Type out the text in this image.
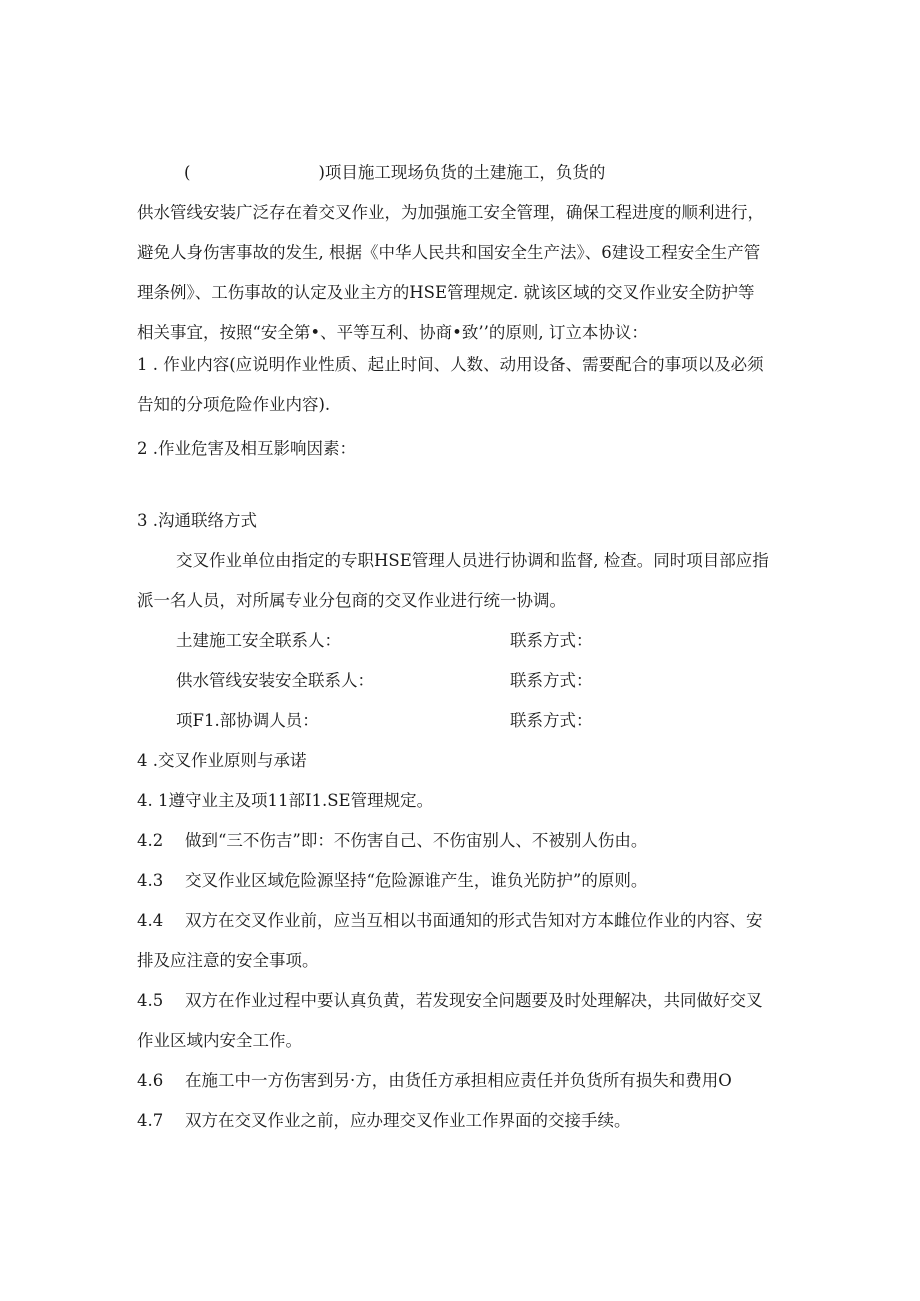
(	)项目施工现场负货的土建施工，负货的
供水管线安装广泛存在着交叉作业，为加强施工安全管理，确保工程进度的顺利进行，
避免人身伤害事故的发生, 根据《中华人民共和国安全生产法》、6建设工程安全生产管
理条例》、工伤事故的认定及业主方的HSE管理规定. 就该区域的交叉作业安全防护等
相关事宜，按照“安全第•、平等互利、协商•致’’的原则, 订立本协议：
1 . 作业内容(应说明作业性质、起止时间、人数、动用设备、需要配合的事项以及必须
告知的分项危险作业内容).
2 .作业危害及相互影响因素：
3 .沟通联络方式
交叉作业单位由指定的专职HSE管理人员进行协调和监督, 检查。同时项目部应指
派一名人员，对所属专业分包商的交叉作业进行统一协调。
土建施工安全联系人：	联系方式：
供水管线安装安全联系人：	联系方式：
项F1.部协调人员：	联系方式：
4 .交叉作业原则与承诺
4. 1遵守业主及项11部I1.SE管理规定。
4.2 做到“三不伤吉”即：不伤害自己、不伤宙别人、不被别人伤由。
4.3 交叉作业区域危险源坚持“危险源谁产生，谁负光防护”的原则。
4.4 双方在交叉作业前，应当互相以书面通知的形式告知对方本雌位作业的内容、安
排及应注意的安全事项。
4.5 双方在作业过程中要认真负黄，若发现安全问题要及时处理解决，共同做好交叉
作业区域内安全工作。
4.6 在施工中一方伤害到另·方，由货任方承担相应责任并负货所有损失和费用O
4.7 双方在交叉作业之前，应办理交叉作业工作界面的交接手续。
